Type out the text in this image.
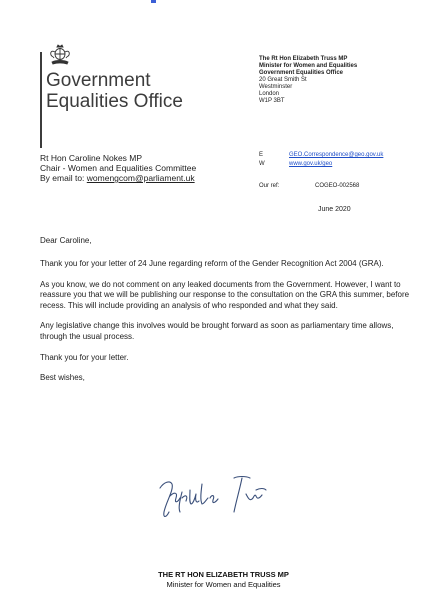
Government
Equalities Office
The Rt Hon Elizabeth Truss MP
Minister for Women and Equalities
Government Equalities Office
20 Great Smith St
Westminster
London
W1P 3BT
E	GEO.Correspondence@geo.gov.uk
W	www.gov.uk/geo
Our ref:	COGEO-002568
June 2020
Rt Hon Caroline Nokes MP
Chair - Women and Equalities Committee
By email to: womengcom@parliament.uk

Dear Caroline,

Thank you for your letter of 24 June regarding reform of the Gender Recognition Act 2004 (GRA).

As you know, we do not comment on any leaked documents from the Government. However, I want to reassure you that we will be publishing our response to the consultation on the GRA this summer, before recess. This will include providing an analysis of who responded and what they said.

Any legislative change this involves would be brought forward as soon as parliamentary time allows, through the usual process.

Thank you for your letter.

Best wishes,

THE RT HON ELIZABETH TRUSS MP
Minister for Women and Equalities
